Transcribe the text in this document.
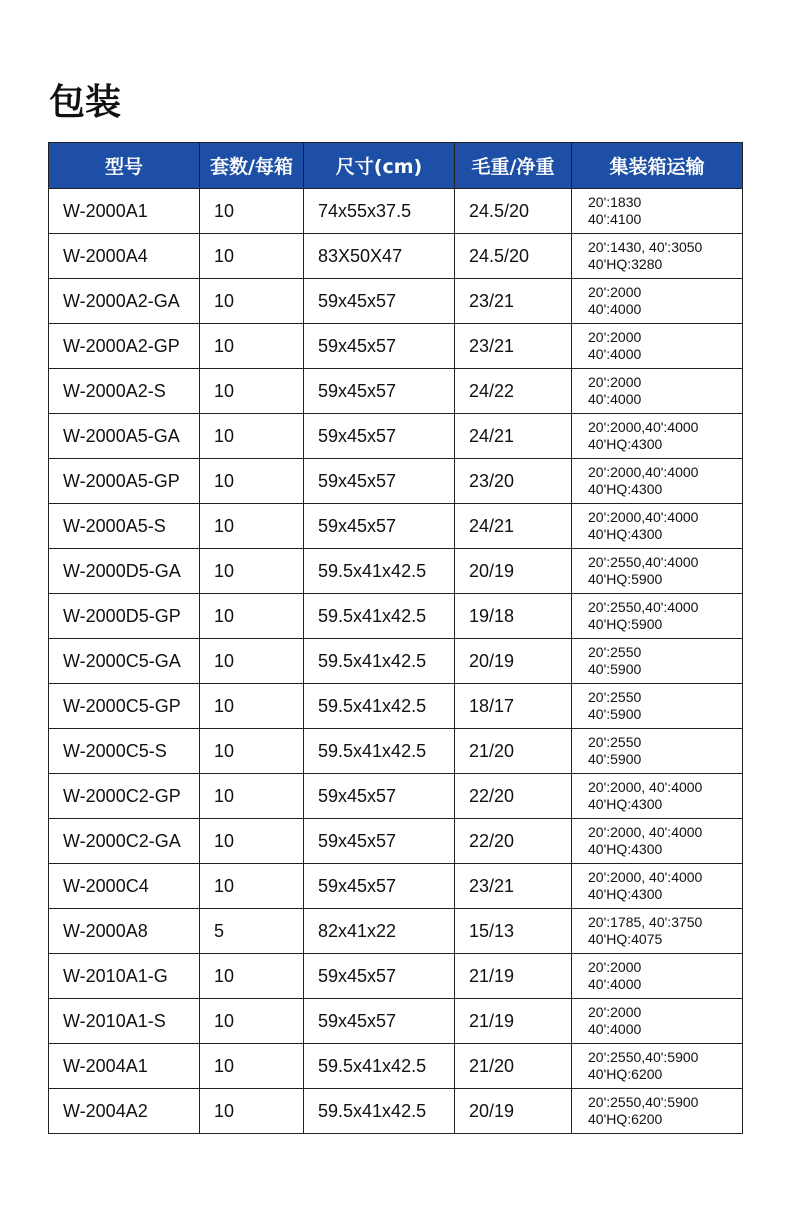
包装
型号	套数/每箱	尺寸(cm)	毛重/净重	集装箱运输
W-2000A1	10	74x55x37.5	24.5/20	20':1830
40':4100

W-2000A4	10	83X50X47	24.5/20	20':1430, 40':3050
40'HQ:3280

W-2000A2-GA	10	59x45x57	23/21	20':2000
40':4000

W-2000A2-GP	10	59x45x57	23/21	20':2000
40':4000

W-2000A2-S	10	59x45x57	24/22	20':2000
40':4000

W-2000A5-GA	10	59x45x57	24/21	20':2000,40':4000
40'HQ:4300

W-2000A5-GP	10	59x45x57	23/20	20':2000,40':4000
40'HQ:4300

W-2000A5-S	10	59x45x57	24/21	20':2000,40':4000
40'HQ:4300

W-2000D5-GA	10	59.5x41x42.5	20/19	20':2550,40':4000
40'HQ:5900

W-2000D5-GP	10	59.5x41x42.5	19/18	20':2550,40':4000
40'HQ:5900

W-2000C5-GA	10	59.5x41x42.5	20/19	20':2550
40':5900

W-2000C5-GP	10	59.5x41x42.5	18/17	20':2550
40':5900

W-2000C5-S	10	59.5x41x42.5	21/20	20':2550
40':5900

W-2000C2-GP	10	59x45x57	22/20	20':2000, 40':4000
40'HQ:4300

W-2000C2-GA	10	59x45x57	22/20	20':2000, 40':4000
40'HQ:4300

W-2000C4	10	59x45x57	23/21	20':2000, 40':4000
40'HQ:4300

W-2000A8	5	82x41x22	15/13	20':1785, 40':3750
40'HQ:4075

W-2010A1-G	10	59x45x57	21/19	20':2000
40':4000

W-2010A1-S	10	59x45x57	21/19	20':2000
40':4000

W-2004A1	10	59.5x41x42.5	21/20	20':2550,40':5900
40'HQ:6200

W-2004A2	10	59.5x41x42.5	20/19	20':2550,40':5900
40'HQ:6200
